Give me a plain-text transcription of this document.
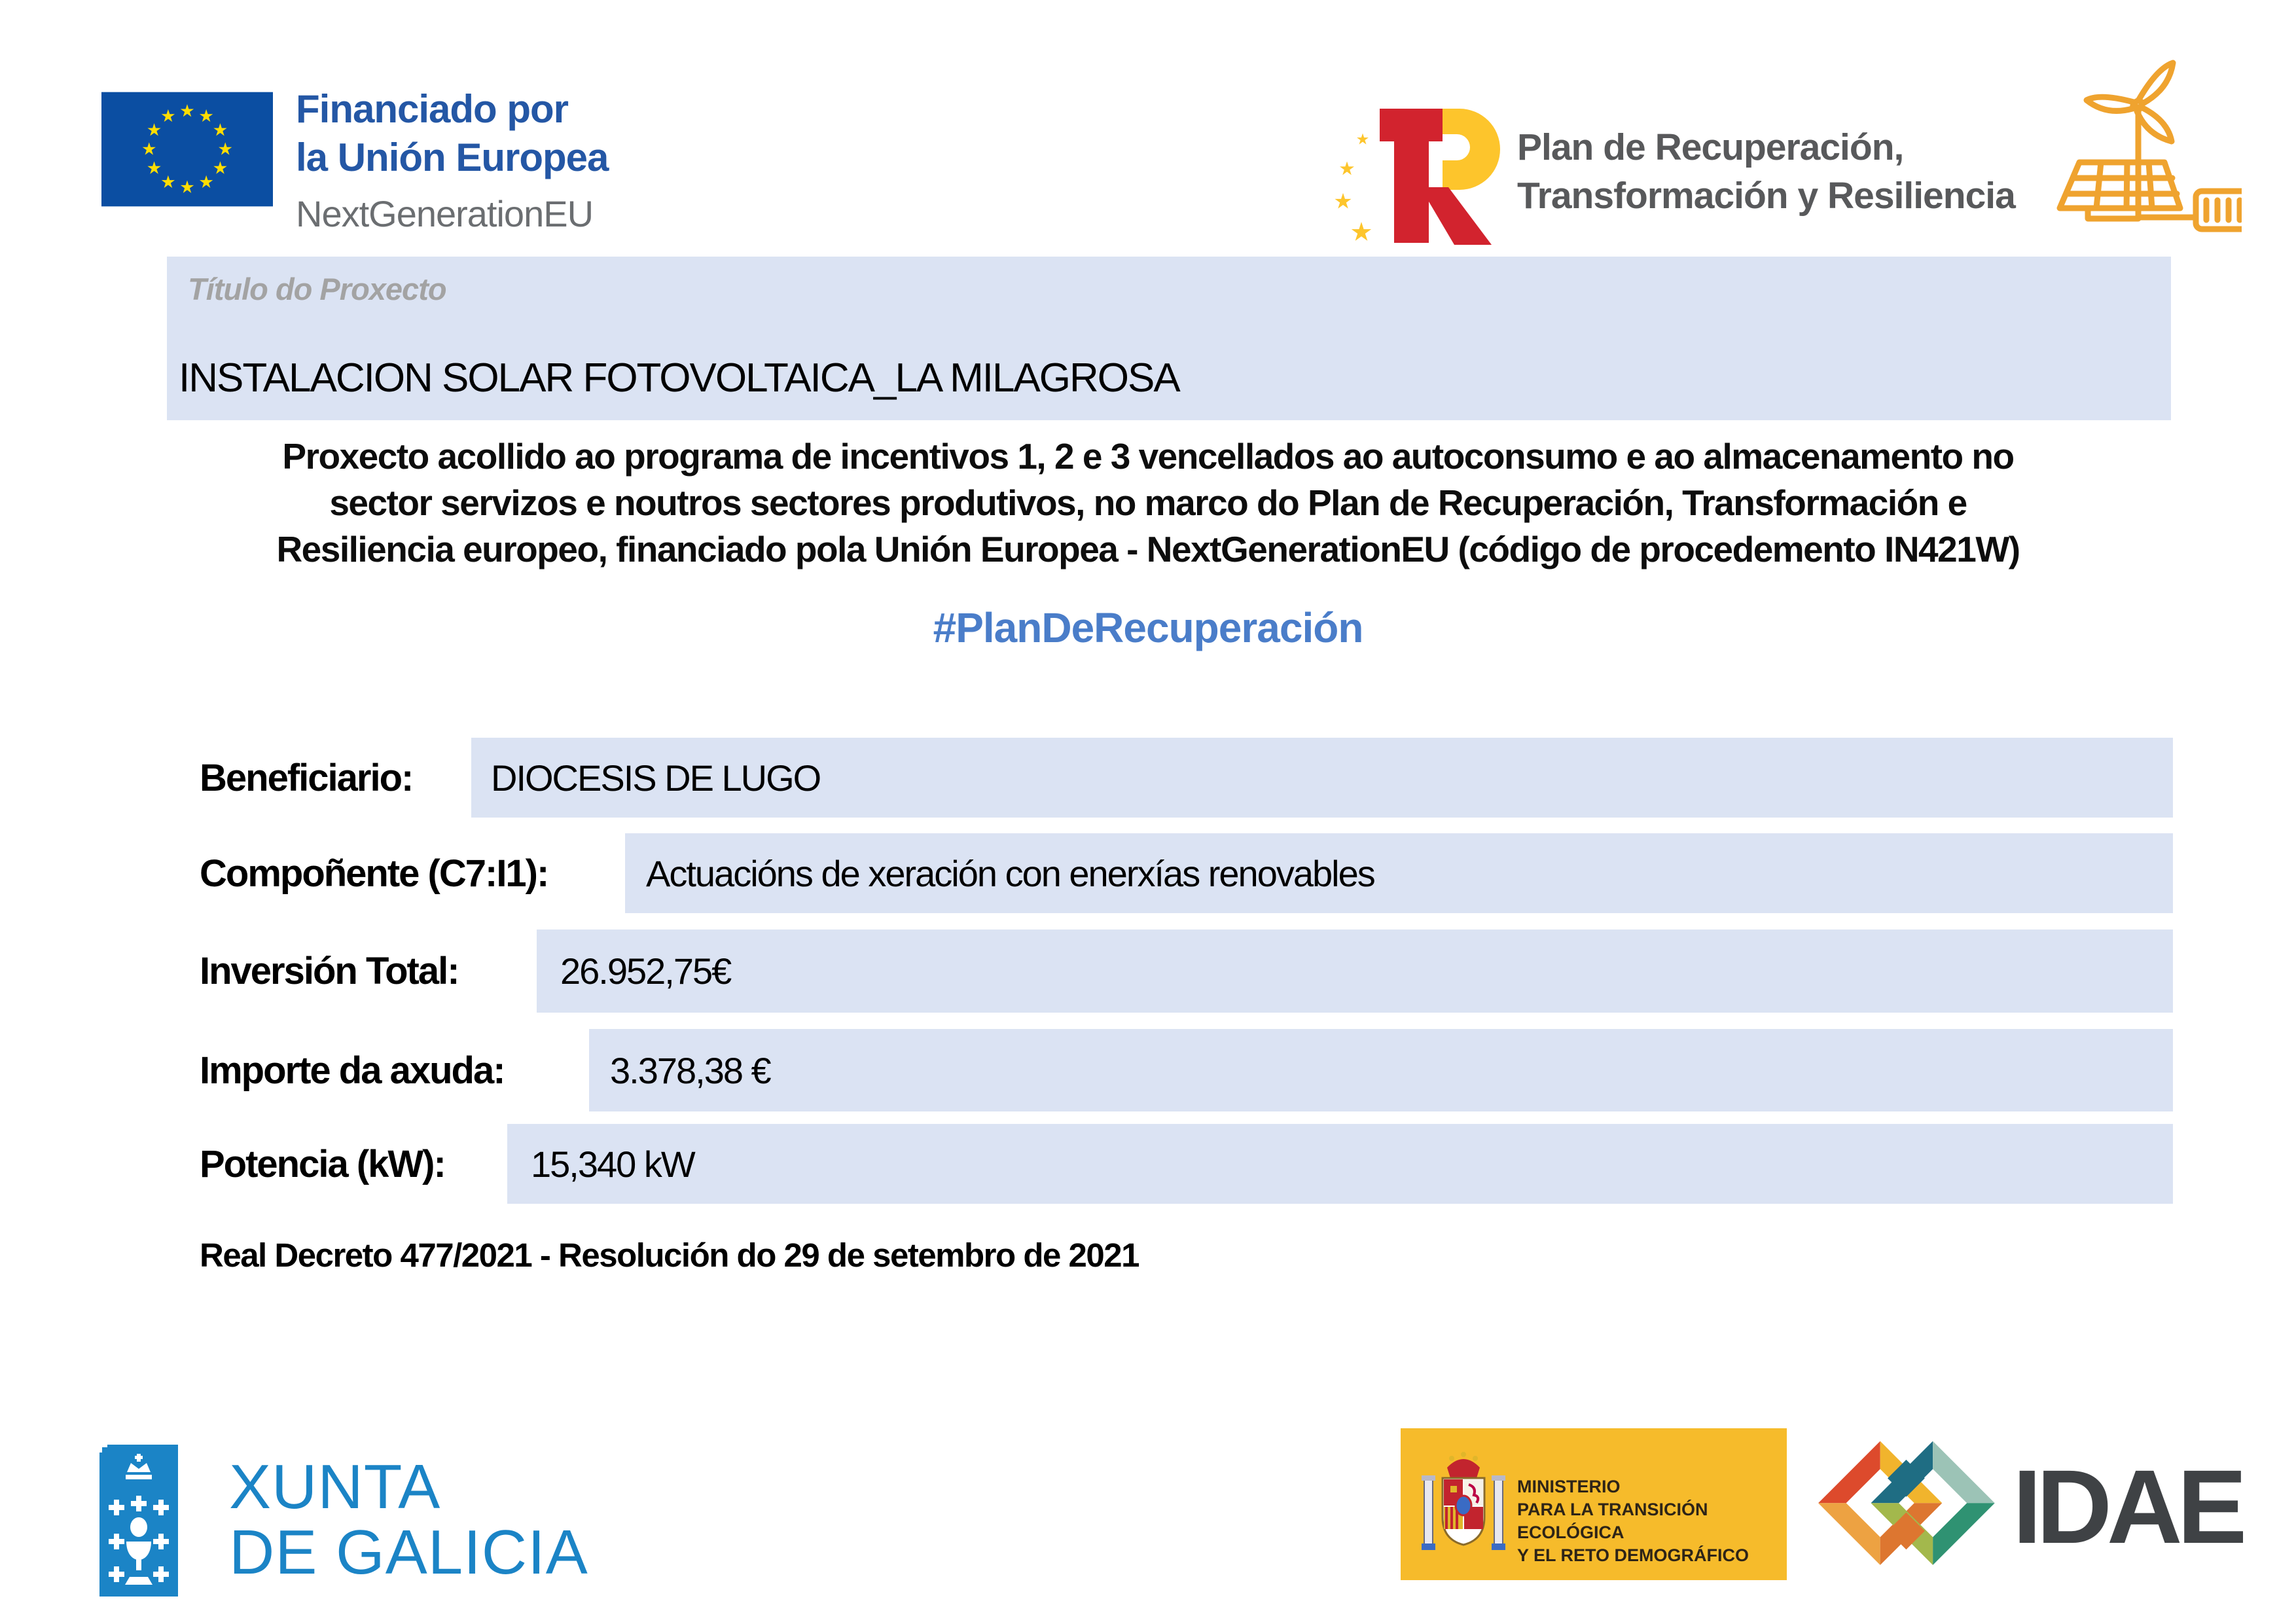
Financiado por
la Unión Europea
NextGenerationEU
Plan de Recuperación,
Transformación y Resiliencia
Título do Proxecto
INSTALACION SOLAR FOTOVOLTAICA_LA MILAGROSA
Proxecto acollido ao programa de incentivos 1, 2 e 3 vencellados ao autoconsumo e ao almacenamento no
sector servizos e noutros sectores produtivos, no marco do Plan de Recuperación, Transformación e
Resiliencia europeo, financiado pola Unión Europea - NextGenerationEU (código de procedemento IN421W)
#PlanDeRecuperación
Beneficiario:	DIOCESIS DE LUGO
Compoñente (C7:I1):	Actuacións de xeración con enerxías renovables
Inversión Total:	26.952,75€
Importe da axuda:	3.378,38 €
Potencia (kW):	15,340 kW
Real Decreto 477/2021 - Resolución do 29 de setembro de 2021
XUNTA
DE GALICIA
MINISTERIO
PARA LA TRANSICIÓN ECOLÓGICA
Y EL RETO DEMOGRÁFICO	IDAE
